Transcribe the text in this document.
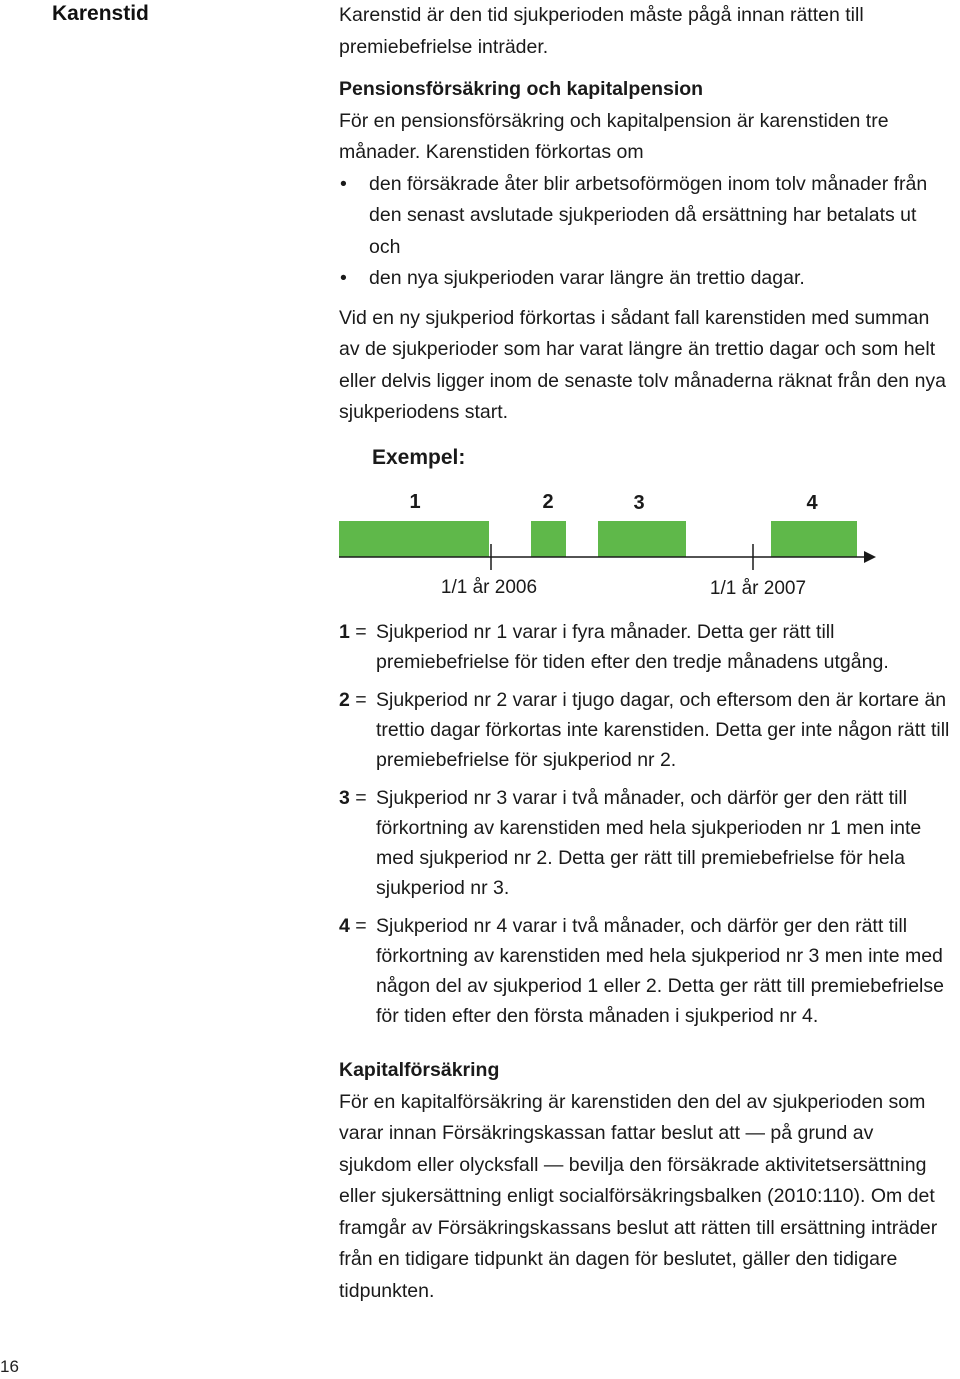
Karenstid	Karenstid är den tid sjukperioden måste pågå innan rätten till premiebefrielse inträder.

Pensionsförsäkring och kapitalpension

För en pensionsförsäkring och kapitalpension är karenstiden tre månader. Karenstiden förkortas om

• den försäkrade åter blir arbetsoförmögen inom tolv månader från den senast avslutade sjukperioden då ersättning har betalats ut och
• den nya sjukperioden varar längre än trettio dagar.

Vid en ny sjukperiod förkortas i sådant fall karenstiden med summan av de sjukperioder som har varat längre än trettio dagar och som helt eller delvis ligger inom de senaste tolv månaderna räknat från den nya sjukperiodens start.

Exempel:
1	2	3	4
1/1 år 2006	1/1 år 2007
1 = Sjukperiod nr 1 varar i fyra månader. Detta ger rätt till premiebefrielse för tiden efter den tredje månadens utgång.
2 = Sjukperiod nr 2 varar i tjugo dagar, och eftersom den är kortare än trettio dagar förkortas inte karenstiden. Detta ger inte någon rätt till premiebefrielse för sjukperiod nr 2.
3 = Sjukperiod nr 3 varar i två månader, och därför ger den rätt till förkortning av karenstiden med hela sjukperioden nr 1 men inte med sjukperiod nr 2. Detta ger rätt till premiebefrielse för hela sjukperiod nr 3.
4 = Sjukperiod nr 4 varar i två månader, och därför ger den rätt till förkortning av karenstiden med hela sjukperiod nr 3 men inte med någon del av sjukperiod 1 eller 2. Detta ger rätt till premiebefrielse för tiden efter den första månaden i sjukperiod nr 4.
Kapitalförsäkring

För en kapitalförsäkring är karenstiden den del av sjukperioden som varar innan Försäkringskassan fattar beslut att — på grund av sjukdom eller olycksfall — bevilja den försäkrade aktivitetsersättning eller sjukersättning enligt socialförsäkringsbalken (2010:110). Om det framgår av Försäkringskassans beslut att rätten till ersättning inträder från en tidigare tidpunkt än dagen för beslutet, gäller den tidigare tidpunkten.

16
